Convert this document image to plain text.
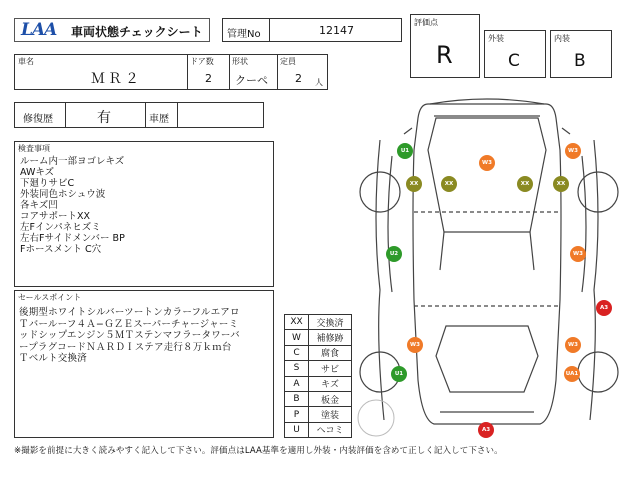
LAA 車両状態チェックシート 管理No	12147
評価点
R
外装
C
内装
B
車名
ＭＲ２
ドア数
2
形状
クーペ
定員
2 人
修復歴	有	車歴
検査事項
ルーム内一部ヨゴレキズ
AWキズ
下廻りサビC
外装同色ホシュウ波
各キズ凹
コアサポートXX
左Fインパネヒズミ
左右Fサイドメンバー BP
Fホースメント C穴
セールスポイント
後期型ホワイトシルバーツートンカラーフルエアロ
Ｔバールーフ４Ａ−ＧＺＥスーパーチャージャーミ
ッドシップエンジン５ＭＴステンマフラータワーバ
ープラグコードＮＡＲＤＩステア走行８万ｋｍ台
Ｔベルト交換済
XX	交換済
W	補修跡
C	腐食
S	サビ
A	キズ
B	板金
P	塗装
U	ヘコミ
U1
W3
W3
XX	XX	XX	XX
U2	W3
A3
W3	W3
U1	UA1
A3
※撮影を前提に大きく読みやすく記入して下さい。評価点はLAA基準を適用し外装・内装評価を含めて正しく記入して下さい。
